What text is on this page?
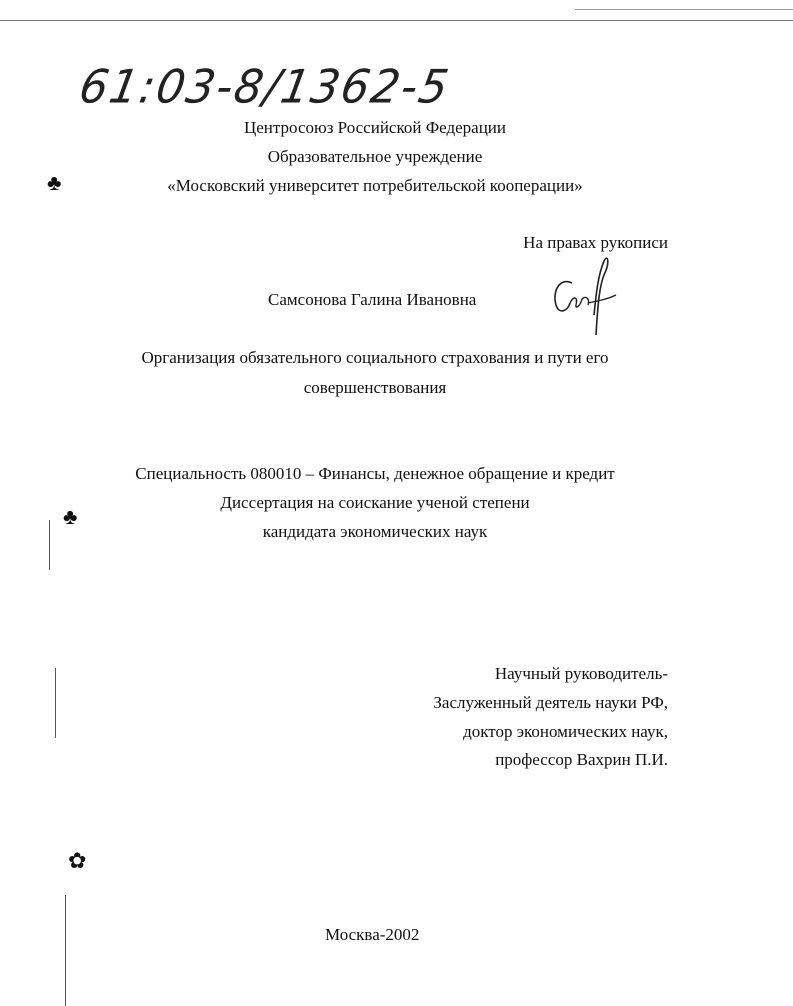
♣
♣
✿
61:03-8/1362-5
Центросоюз Российской Федерации
Образовательное учреждение
«Московский университет потребительской кооперации»
На правах рукописи
Самсонова Галина Ивановна
Организация обязательного социального страхования и пути его
совершенствования
Специальность 080010 – Финансы, денежное обращение и кредит
Диссертация на соискание ученой степени
кандидата экономических наук
Научный руководитель-
Заслуженный деятель науки РФ,
доктор экономических наук,
профессор Вахрин П.И.
Москва-2002
